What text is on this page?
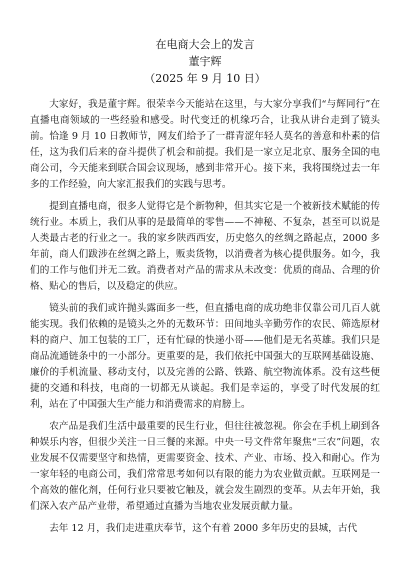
在电商大会上的发言
董宇辉
（2025 年 9 月 10 日）

大家好，我是董宇辉。很荣幸今天能站在这里，与大家分享我们“与辉同行”在直播电商领域的一些经验和感受。时代变迁的机缘巧合，让我从讲台走到了镜头前。恰逢 9 月 10 日教师节，网友们给予了一群青涩年轻人莫名的善意和朴素的信任，这为我们后来的奋斗提供了机会和前提。我们是一家立足北京、服务全国的电商公司，今天能来到联合国会议现场，感到非常开心。接下来，我将围绕过去一年多的工作经验，向大家汇报我们的实践与思考。

提到直播电商，很多人觉得它是个新物种，但其实它是一个被新技术赋能的传统行业。本质上，我们从事的是最简单的零售——不神秘、不复杂，甚至可以说是人类最古老的行业之一。我的家乡陕西西安，历史悠久的丝绸之路起点，2000 多年前，商人们跋涉在丝绸之路上，贩卖货物，以消费者为核心提供服务。如今，我们的工作与他们并无二致。消费者对产品的需求从未改变：优质的商品、合理的价格、贴心的售后，以及稳定的供应。

镜头前的我们或许抛头露面多一些，但直播电商的成功绝非仅靠公司几百人就能实现。我们依赖的是镜头之外的无数环节：田间地头辛勤劳作的农民、筛选原材料的商户、加工包装的工厂，还有忙碌的快递小哥——他们是无名英雄。我们只是商品流通链条中的一小部分。更重要的是，我们依托中国强大的互联网基础设施、廉价的手机流量、移动支付，以及完善的公路、铁路、航空物流体系。没有这些便捷的交通和科技，电商的一切都无从谈起。我们是幸运的，享受了时代发展的红利，站在了中国强大生产能力和消费需求的肩膀上。

农产品是我们生活中最重要的民生行业，但往往被忽视。你会在手机上刷到各种娱乐内容，但很少关注一日三餐的来源。中央一号文件常年聚焦“三农”问题，农业发展不仅需要坚守和热情，更需要资金、技术、产业、市场、投入和耐心。作为一家年轻的电商公司，我们常常思考如何以有限的能力为农业做贡献。互联网是一个高效的催化剂，任何行业只要被它触及，就会发生剧烈的变革。从去年开始，我们深入农产品产业带，希望通过直播为当地农业发展贡献力量。

去年 12 月，我们走进重庆奉节，这个有着 2000 多年历史的县城，古代
